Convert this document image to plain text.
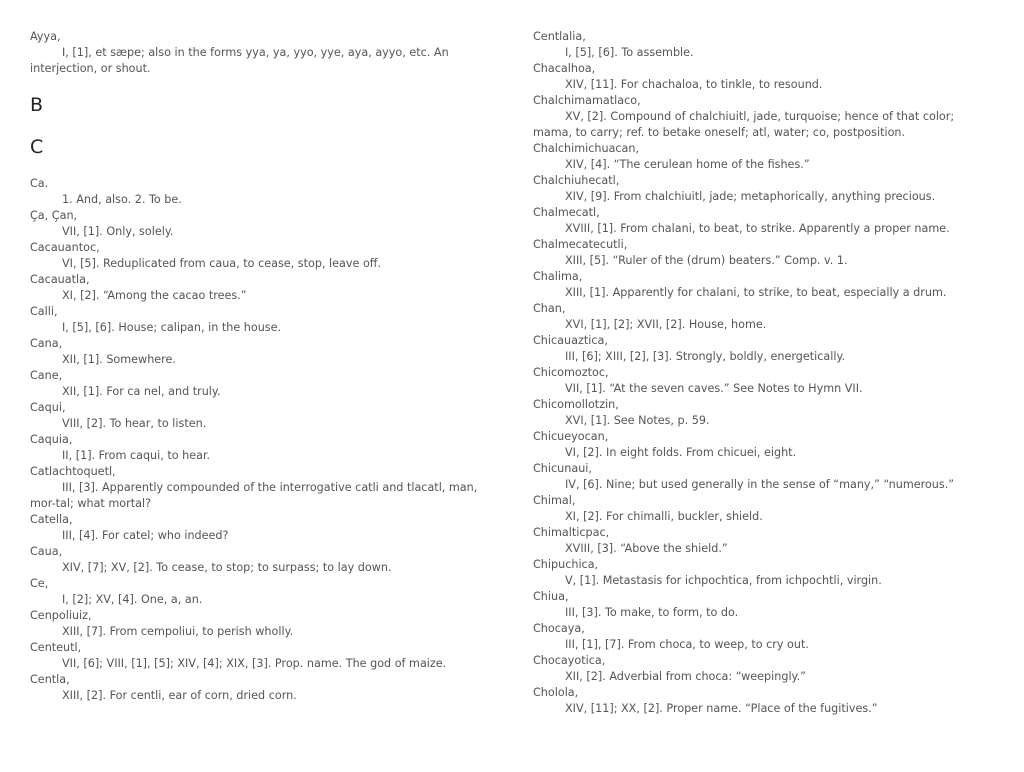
Ayya,
I, [1], et sæpe; also in the forms yya, ya, yyo, yye, aya, ayyo, etc. An interjection, or shout.
B
C
Ca.
1. And, also. 2. To be.
Ça, Çan,
VII, [1]. Only, solely.
Cacauantoc,
VI, [5]. Reduplicated from caua, to cease, stop, leave off.
Cacauatla,
XI, [2]. “Among the cacao trees.”
Calli,
I, [5], [6]. House; calipan, in the house.
Cana,
XII, [1]. Somewhere.
Cane,
XII, [1]. For ca nel, and truly.
Caqui,
VIII, [2]. To hear, to listen.
Caquia,
II, [1]. From caqui, to hear.
Catlachtoquetl,
III, [3]. Apparently compounded of the interrogative catli and tlacatl, man, mor-tal; what mortal?
Catella,
III, [4]. For catel; who indeed?
Caua,
XIV, [7]; XV, [2]. To cease, to stop; to surpass; to lay down.
Ce,
I, [2]; XV, [4]. One, a, an.
Cenpoliuiz,
XIII, [7]. From cempoliui, to perish wholly.
Centeutl,
VII, [6]; VIII, [1], [5]; XIV, [4]; XIX, [3]. Prop. name. The god of maize.
Centla,
XIII, [2]. For centli, ear of corn, dried corn.
Centlalia,
I, [5], [6]. To assemble.
Chacalhoa,
XIV, [11]. For chachaloa, to tinkle, to resound.
Chalchimamatlaco,
XV, [2]. Compound of chalchiuitl, jade, turquoise; hence of that color; mama, to carry; ref. to betake oneself; atl, water; co, postposition.
Chalchimichuacan,
XIV, [4]. “The cerulean home of the fishes.”
Chalchiuhecatl,
XIV, [9]. From chalchiuitl, jade; metaphorically, anything precious.
Chalmecatl,
XVIII, [1]. From chalani, to beat, to strike. Apparently a proper name.
Chalmecatecutli,
XIII, [5]. “Ruler of the (drum) beaters.” Comp. v. 1.
Chalima,
XIII, [1]. Apparently for chalani, to strike, to beat, especially a drum.
Chan,
XVI, [1], [2]; XVII, [2]. House, home.
Chicauaztica,
III, [6]; XIII, [2], [3]. Strongly, boldly, energetically.
Chicomoztoc,
VII, [1]. “At the seven caves.” See Notes to Hymn VII.
Chicomollotzin,
XVI, [1]. See Notes, p. 59.
Chicueyocan,
VI, [2]. In eight folds. From chicuei, eight.
Chicunaui,
IV, [6]. Nine; but used generally in the sense of “many,” “numerous.”
Chimal,
XI, [2]. For chimalli, buckler, shield.
Chimalticpac,
XVIII, [3]. “Above the shield.”
Chipuchica,
V, [1]. Metastasis for ichpochtica, from ichpochtli, virgin.
Chiua,
III, [3]. To make, to form, to do.
Chocaya,
III, [1], [7]. From choca, to weep, to cry out.
Chocayotica,
XII, [2]. Adverbial from choca: “weepingly.”
Cholola,
XIV, [11]; XX, [2]. Proper name. “Place of the fugitives.”
